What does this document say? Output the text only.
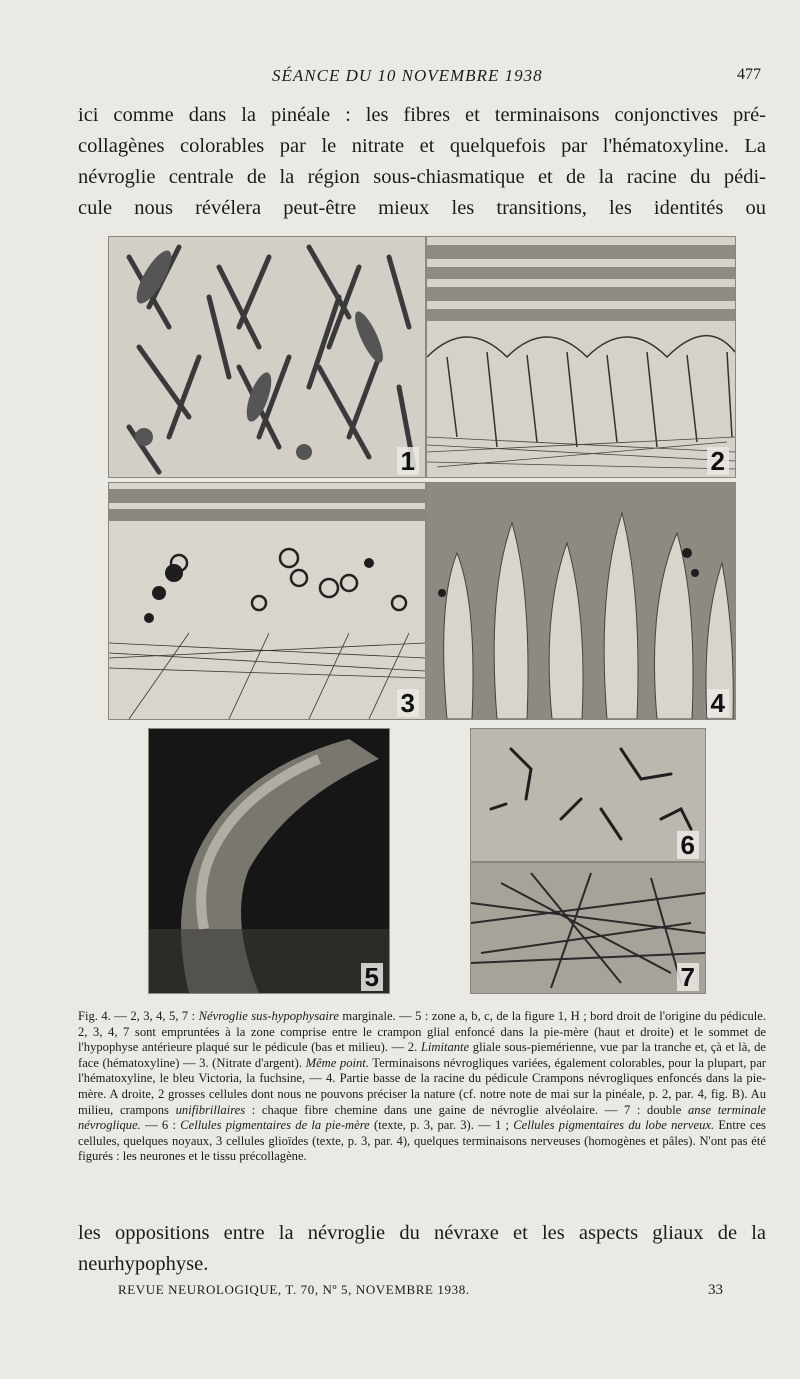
SÉANCE DU 10 NOVEMBRE 1938	477
ici comme dans la pinéale : les fibres et terminaisons conjonctives pré-
collagènes colorables par le nitrate et quelquefois par l'hématoxyline. La
névroglie centrale de la région sous-chiasmatique et de la racine du pédi-
cule nous révélera peut-être mieux les transitions, les identités ou
1	2
3	4
5
6
7
Fig. 4. — 2, 3, 4, 5, 7 : Névroglie sus-hypophysaire marginale. — 5 : zone a, b, c, de la figure 1, H ; bord droit de l'origine du pédicule. 2, 3, 4, 7 sont empruntées à la zone comprise entre le crampon glial enfoncé dans la pie-mère (haut et droite) et le sommet de l'hypophyse antérieure plaqué sur le pédicule (bas et milieu). — 2. Limitante gliale sous-piemérienne, vue par la tranche et, çà et là, de face (hématoxyline) — 3. (Nitrate d'argent). Même point. Terminaisons névrogliques variées, également colorables, pour la plupart, par l'hématoxyline, le bleu Victoria, la fuchsine, — 4. Partie basse de la racine du pédicule Crampons névrogliques enfoncés dans la pie-mère. A droite, 2 grosses cellules dont nous ne pouvons préciser la nature (cf. notre note de mai sur la pinéale, p. 2, par. 4, fig. B). Au milieu, crampons unifibrillaires : chaque fibre chemine dans une gaine de névroglie alvéolaire. — 7 : double anse terminale névroglique. — 6 : Cellules pigmentaires de la pie-mère (texte, p. 3, par. 3). — 1 ; Cellules pigmentaires du lobe nerveux. Entre ces cellules, quelques noyaux, 3 cellules glioïdes (texte, p. 3, par. 4), quelques terminaisons nerveuses (homogènes et pâles). N'ont pas été figurés : les neurones et le tissu précollagène.
les oppositions entre la névroglie du névraxe et les aspects gliaux de la
neurhypophyse.
REVUE NEUROLOGIQUE, T. 70, Nº 5, NOVEMBRE 1938.	33
